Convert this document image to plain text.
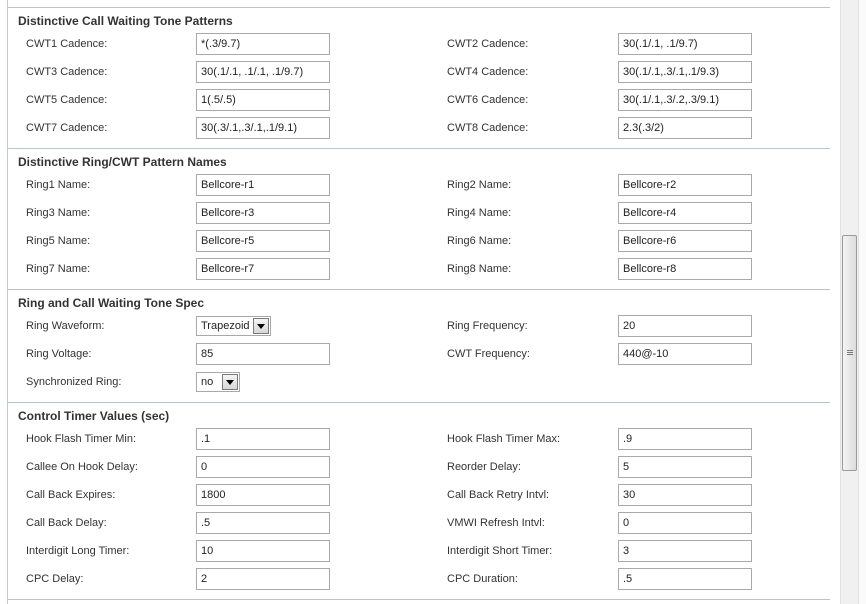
Distinctive Call Waiting Tone Patterns
CWT1 Cadence:
*(.3/9.7)	CWT2 Cadence:
30(.1/.1, .1/9.7)
CWT3 Cadence:
30(.1/.1, .1/.1, .1/9.7)	CWT4 Cadence:
30(.1/.1,.3/.1,.1/9.3)
CWT5 Cadence:
1(.5/.5)	CWT6 Cadence:
30(.1/.1,.3/.2,.3/9.1)
CWT7 Cadence:
30(.3/.1,.3/.1,.1/9.1)	CWT8 Cadence:
2.3(.3/2)
Distinctive Ring/CWT Pattern Names
Ring1 Name:
Bellcore-r1	Ring2 Name:
Bellcore-r2
Ring3 Name:
Bellcore-r3	Ring4 Name:
Bellcore-r4
Ring5 Name:
Bellcore-r5	Ring6 Name:
Bellcore-r6
Ring7 Name:
Bellcore-r7	Ring8 Name:
Bellcore-r8
Ring and Call Waiting Tone Spec
Ring Waveform:	Trapezoid	Ring Frequency:
20
Ring Voltage:
85	CWT Frequency:
440@-10
Synchronized Ring:	no
Control Timer Values (sec)
Hook Flash Timer Min:
.1	Hook Flash Timer Max:
.9
Callee On Hook Delay:
0	Reorder Delay:
5
Call Back Expires:
1800	Call Back Retry Intvl:
30
Call Back Delay:
.5	VMWI Refresh Intvl:
0
Interdigit Long Timer:
10	Interdigit Short Timer:
3
CPC Delay:
2	CPC Duration:
.5
